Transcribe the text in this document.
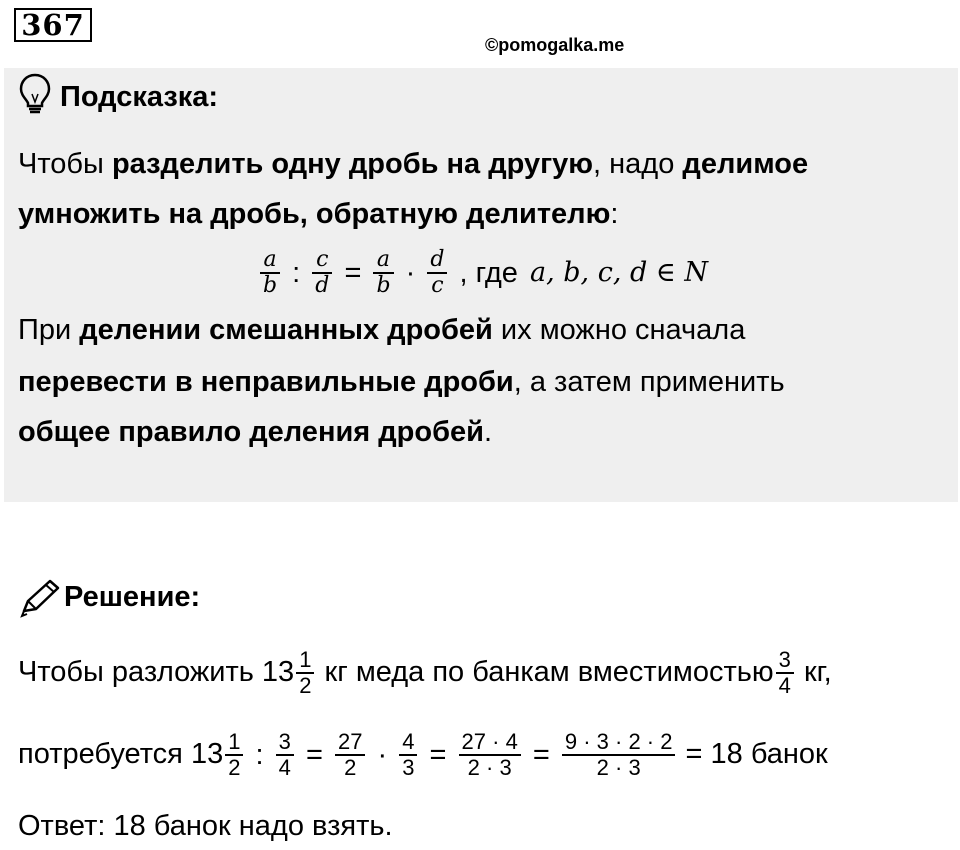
367
©pomogalka.me
Подсказка:
Чтобы разделить одну дробь на другую, надо делимое
умножить на дробь, обратную делителю:
$\frac{a}{b}$ : $\frac{c}{d} = \frac{a}{b} \cdot \frac{d}{c}$ , где a, b, c, d ∈ N
При делении смешанных дробей их можно сначала
перевести в неправильные дроби, а затем применить
общее правило деления дробей.
Решение:
Чтобы разложить $13 \frac{1}{2}$ кг меда по банкам вместимостью $\frac{3}{4}$ кг,
потребуется $13 \frac{1}{2}$ : $\frac{3}{4} = \frac{27}{2} \cdot \frac{4}{3} = \frac{27 \cdot 4}{2 \cdot 3} = \frac{9 \cdot 3 \cdot 2 \cdot 2}{2 \cdot 3} = 18$ банок
Ответ: 18 банок надо взять.
